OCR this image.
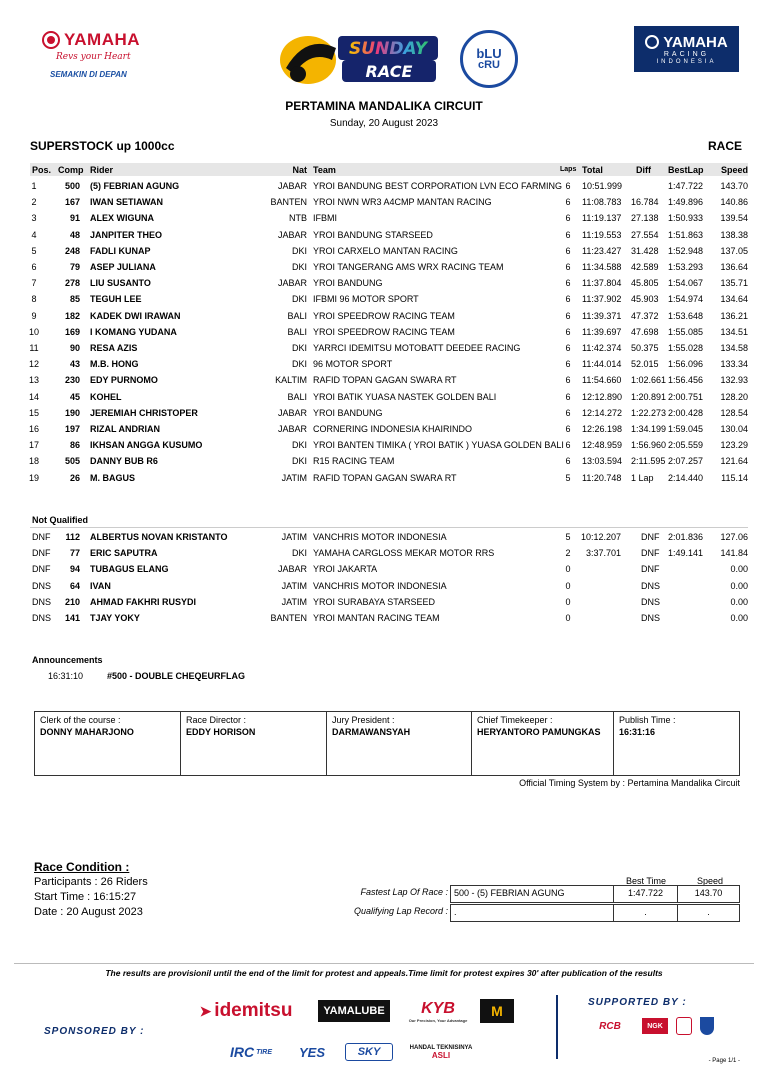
YAMAHA
Revs your Heart
SEMAKIN DI DEPAN
SUNDAY
RACE
bLU
cRU
YAMAHA
RACING
INDONESIA
PERTAMINA MANDALIKA CIRCUIT
Sunday, 20 August 2023
SUPERSTOCK up 1000cc	RACE
Pos. Comp Rider	Nat Team	Laps Total	Diff	BestLap	Speed
1	500 (5) FEBRIAN AGUNG	JABAR YROI BANDUNG BEST CORPORATION LVN ECO FARMING 6	10:51.999	1:47.722	143.70
2	167 IWAN SETIAWAN	BANTEN YROI NWN WR3 A4CMP MANTAN RACING	6	11:08.783	16.784	1:49.896	140.86
3	91 ALEX WIGUNA	NTB IFBMI	6	11:19.137	27.138	1:50.933	139.54
4	48 JANPITER THEO	JABAR YROI BANDUNG STARSEED	6	11:19.553	27.554	1:51.863	138.38
5	248 FADLI KUNAP	DKI YROI CARXELO MANTAN RACING	6	11:23.427	31.428	1:52.948	137.05
6	79 ASEP JULIANA	DKI YROI TANGERANG AMS WRX RACING TEAM	6	11:34.588	42.589	1:53.293	136.64
7	278 LIU SUSANTO	JABAR YROI BANDUNG	6	11:37.804	45.805	1:54.067	135.71
8	85 TEGUH LEE	DKI IFBMI 96 MOTOR SPORT	6	11:37.902	45.903	1:54.974	134.64
9	182 KADEK DWI IRAWAN	BALI YROI SPEEDROW RACING TEAM	6	11:39.371	47.372	1:53.648	136.21
10	169 I KOMANG YUDANA	BALI YROI SPEEDROW RACING TEAM	6	11:39.697	47.698	1:55.085	134.51
11	90 RESA AZIS	DKI YARRCI IDEMITSU MOTOBATT DEEDEE RACING	6	11:42.374	50.375	1:55.028	134.58
12	43 M.B. HONG	DKI 96 MOTOR SPORT	6	11:44.014	52.015	1:56.096	133.34
13	230 EDY PURNOMO	KALTIM RAFID TOPAN GAGAN SWARA RT	6	11:54.660	1:02.661 1:56.456	132.93
14	45 KOHEL	BALI YROI BATIK YUASA NASTEK GOLDEN BALI	6	12:12.890 1:20.891 2:00.751	128.20
15	190 JEREMIAH CHRISTOPER	JABAR YROI BANDUNG	6	12:14.272 1:22.273 2:00.428	128.54
16	197 RIZAL ANDRIAN	JABAR CORNERING INDONESIA KHAIRINDO	6	12:26.198 1:34.199 1:59.045	130.04
17	86 IKHSAN ANGGA KUSUMO	DKI YROI BANTEN TIMIKA ( YROI BATIK ) YUASA GOLDEN BALI 6	12:48.959 1:56.960 2:05.559	123.29
18	505 DANNY BUB R6	DKI R15 RACING TEAM	6	13:03.594 2:11.595 2:07.257	121.64
19	26 M. BAGUS	JATIM RAFID TOPAN GAGAN SWARA RT	5	11:20.748	1 Lap	2:14.440	115.14
DNF	112 ALBERTUS NOVAN KRISTANTO	JATIM VANCHRIS MOTOR INDONESIA	5	10:12.207 DNF 2:01.836	127.06
DNF	77 ERIC SAPUTRA	DKI YAMAHA CARGLOSS MEKAR MOTOR RRS	2	3:37.701 DNF 1:49.141	141.84
DNF	94 TUBAGUS ELANG	JABAR YROI JAKARTA	0	DNF	0.00
DNS	64 IVAN	JATIM VANCHRIS MOTOR INDONESIA	0	DNS	0.00
DNS	210 AHMAD FAKHRI RUSYDI	JATIM YROI SURABAYA STARSEED	0	DNS	0.00
DNS	141 TJAY YOKY	BANTEN YROI MANTAN RACING TEAM	0	DNS	0.00
Not Qualified
Announcements
16:31:10	#500 - DOUBLE CHEQEURFLAG
Clerk of the course :
DONNY MAHARJONO
Race Director :
EDDY HORISON
Jury President :
DARMAWANSYAH
Chief Timekeeper :
HERYANTORO PAMUNGKAS
Publish Time :
16:31:16
Official Timing System by : Pertamina Mandalika Circuit
Race Condition :
Participants : 26 Riders
Start Time : 16:15:27
Date : 20 August 2023
Best Time	Speed
Fastest Lap Of Race : 500 - (5) FEBRIAN AGUNG	1:47.722	143.70
Qualifying Lap Record : .	.	.
The results are provisionil until the end of the limit for protest and appeals.Time limit for protest expires 30' after publication of the results
SPONSORED BY :
SUPPORTED BY :
➤ idemitsu	YAMALUBE KYB
Our Precision, Your Advantage
M
IRC TIRE YES	SKY	HANDAL TEKNISINYA
ASLI
RCB	NGK
- Page 1/1 -
